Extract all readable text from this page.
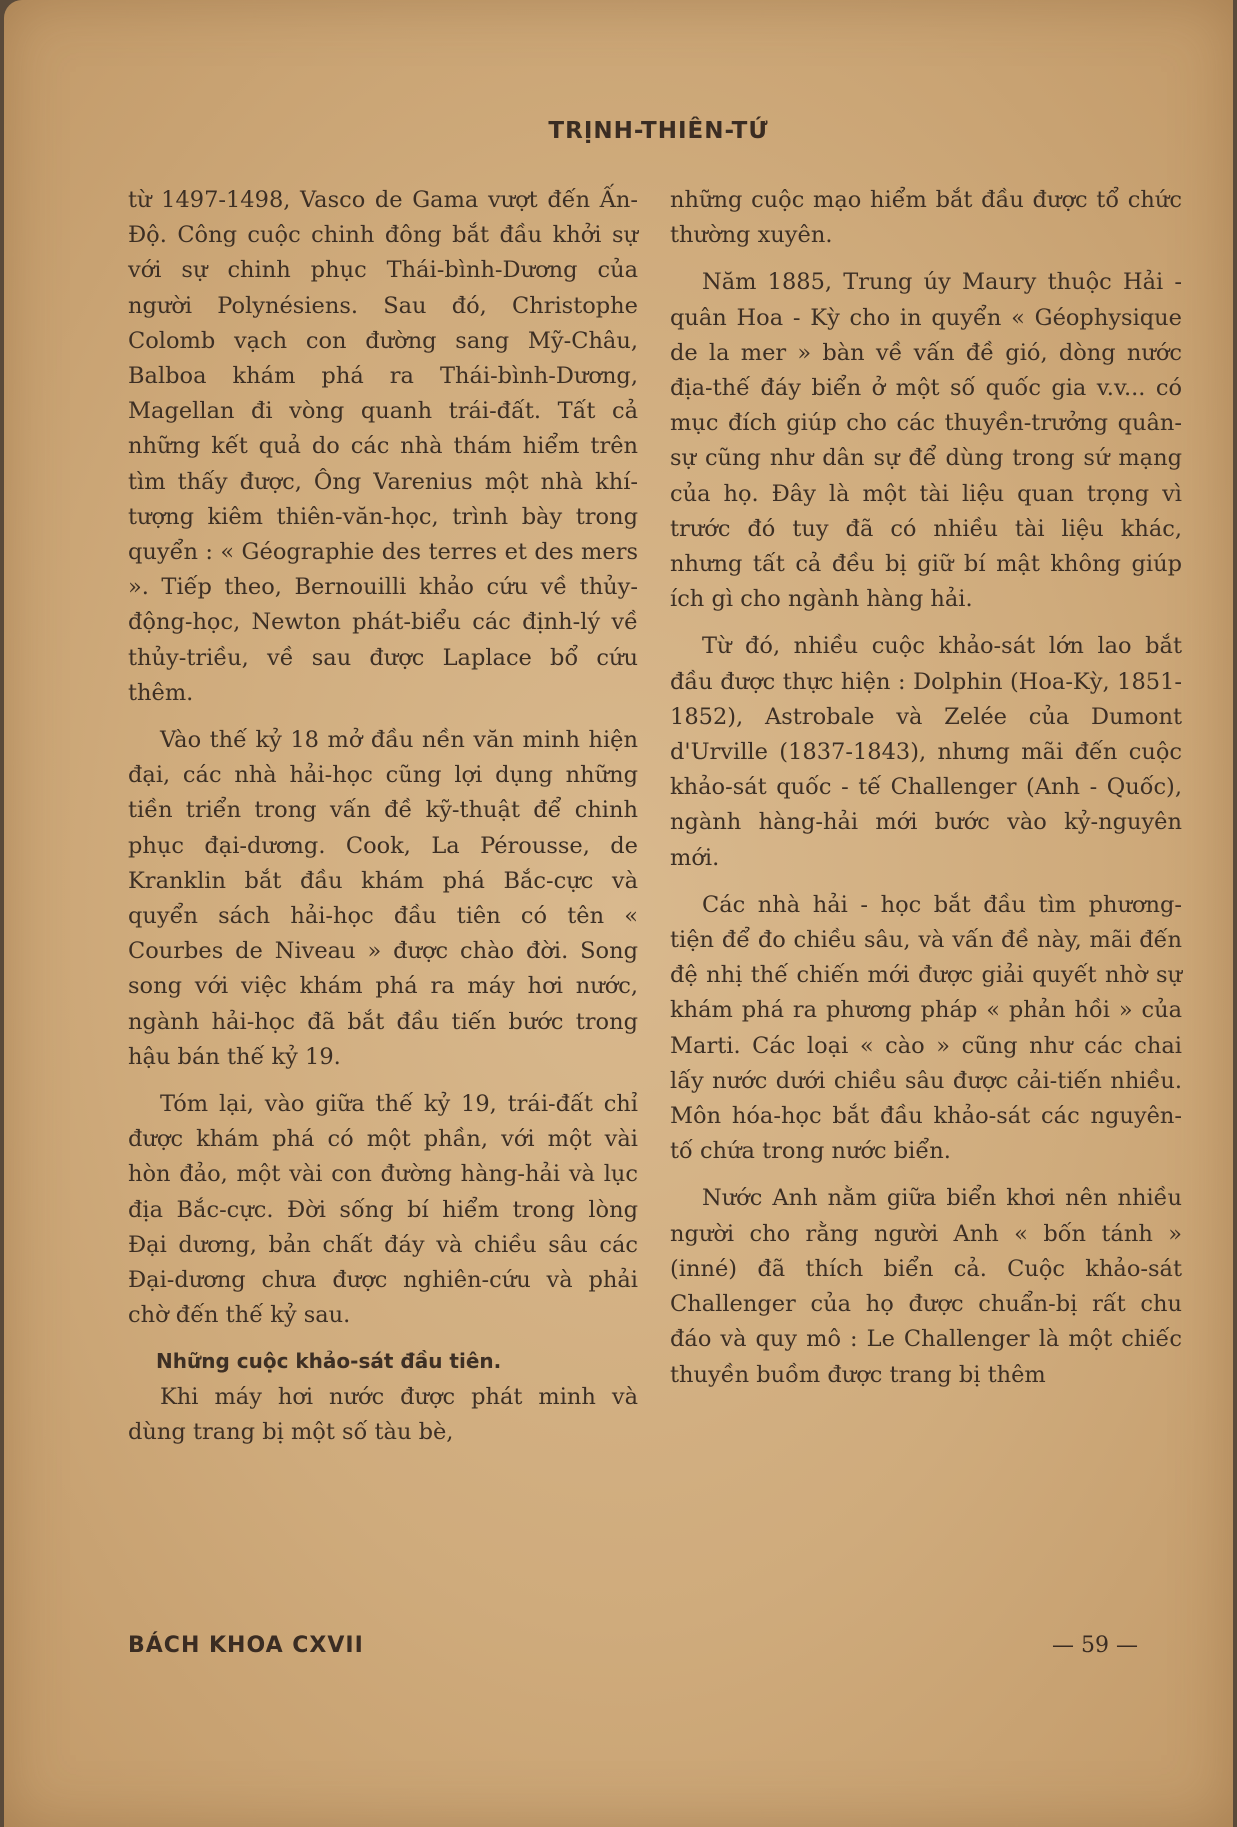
TRỊNH-THIÊN-TỨ

từ 1497-1498, Vasco de Gama vượt đến Ấn-Độ. Công cuộc chinh đông bắt đầu khởi sự với sự chinh phục Thái-bình-Dương của người Polynésiens. Sau đó, Christophe Colomb vạch con đường sang Mỹ-Châu, Balboa khám phá ra Thái-bình-Dương, Magellan đi vòng quanh trái-đất. Tất cả những kết quả do các nhà thám hiểm trên tìm thấy được, Ông Varenius một nhà khí-tượng kiêm thiên-văn-học, trình bày trong quyển : « Géographie des terres et des mers ». Tiếp theo, Bernouilli khảo cứu về thủy-động-học, Newton phát-biểu các định-lý về thủy-triều, về sau được Laplace bổ cứu thêm.

Vào thế kỷ 18 mở đầu nền văn minh hiện đại, các nhà hải-học cũng lợi dụng những tiền triển trong vấn đề kỹ-thuật để chinh phục đại-dương. Cook, La Pérousse, de Kranklin bắt đầu khám phá Bắc-cực và quyển sách hải-học đầu tiên có tên « Courbes de Niveau » được chào đời. Song song với việc khám phá ra máy hơi nước, ngành hải-học đã bắt đầu tiến bước trong hậu bán thế kỷ 19.

Tóm lại, vào giữa thế kỷ 19, trái-đất chỉ được khám phá có một phần, với một vài hòn đảo, một vài con đường hàng-hải và lục địa Bắc-cực. Đời sống bí hiểm trong lòng Đại dương, bản chất đáy và chiều sâu các Đại-dương chưa được nghiên-cứu và phải chờ đến thế kỷ sau.

Những cuộc khảo-sát đầu tiên.

Khi máy hơi nước được phát minh và dùng trang bị một số tàu bè,

những cuộc mạo hiểm bắt đầu được tổ chức thường xuyên.

Năm 1885, Trung úy Maury thuộc Hải - quân Hoa - Kỳ cho in quyển « Géophysique de la mer » bàn về vấn đề gió, dòng nước địa-thế đáy biển ở một số quốc gia v.v... có mục đích giúp cho các thuyền-trưởng quân-sự cũng như dân sự để dùng trong sứ mạng của họ. Đây là một tài liệu quan trọng vì trước đó tuy đã có nhiều tài liệu khác, nhưng tất cả đều bị giữ bí mật không giúp ích gì cho ngành hàng hải.

Từ đó, nhiều cuộc khảo-sát lớn lao bắt đầu được thực hiện : Dolphin (Hoa-Kỳ, 1851-1852), Astrobale và Zelée của Dumont d'Urville (1837-1843), nhưng mãi đến cuộc khảo-sát quốc - tế Challenger (Anh - Quốc), ngành hàng-hải mới bước vào kỷ-nguyên mới.

Các nhà hải - học bắt đầu tìm phương-tiện để đo chiều sâu, và vấn đề này, mãi đến đệ nhị thế chiến mới được giải quyết nhờ sự khám phá ra phương pháp « phản hồi » của Marti. Các loại « cào » cũng như các chai lấy nước dưới chiều sâu được cải-tiến nhiều. Môn hóa-học bắt đầu khảo-sát các nguyên-tố chứa trong nước biển.

Nước Anh nằm giữa biển khơi nên nhiều người cho rằng người Anh « bốn tánh » (inné) đã thích biển cả. Cuộc khảo-sát Challenger của họ được chuẩn-bị rất chu đáo và quy mô : Le Challenger là một chiếc thuyền buồm được trang bị thêm

BÁCH KHOA CXVII	— 59 —
